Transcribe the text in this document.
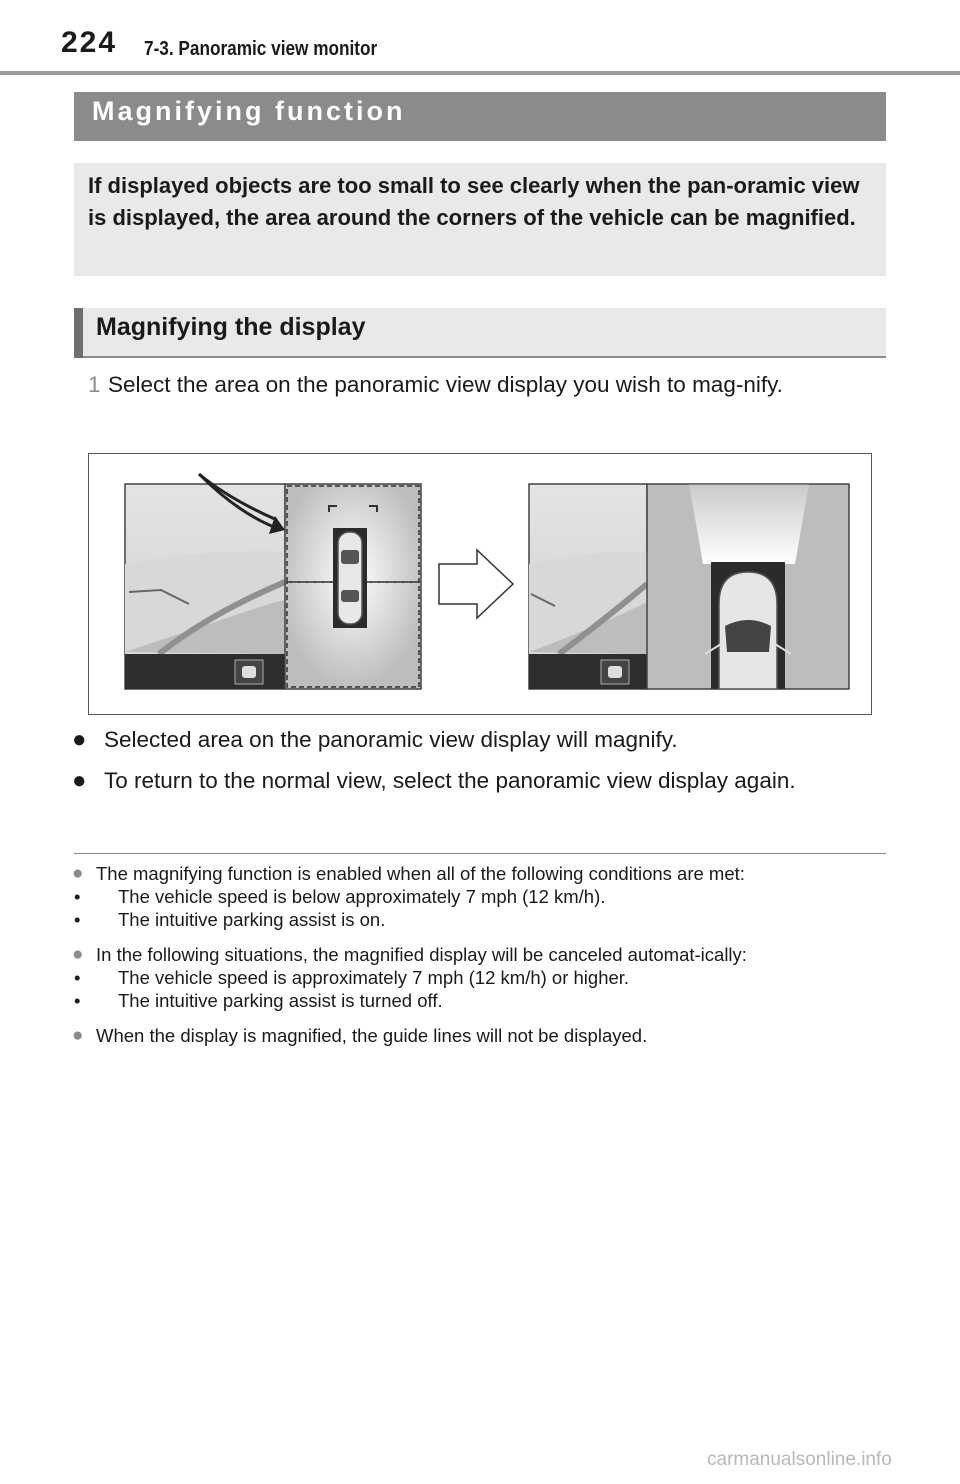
224 7-3. Panoramic view monitor
Magnifying function

If displayed objects are too small to see clearly when the pan-oramic view is displayed, the area around the corners of the vehicle can be magnified.

Magnifying the display
1 Select the area on the panoramic view display you wish to mag-nify.
● Selected area on the panoramic view display will magnify.
● To return to the normal view, select the panoramic view display again.
● The magnifying function is enabled when all of the following conditions are met:
•	The vehicle speed is below approximately 7 mph (12 km/h).
•	The intuitive parking assist is on.
● In the following situations, the magnified display will be canceled automat-ically:
•	The vehicle speed is approximately 7 mph (12 km/h) or higher.
•	The intuitive parking assist is turned off.
● When the display is magnified, the guide lines will not be displayed.
carmanualsonline.info
